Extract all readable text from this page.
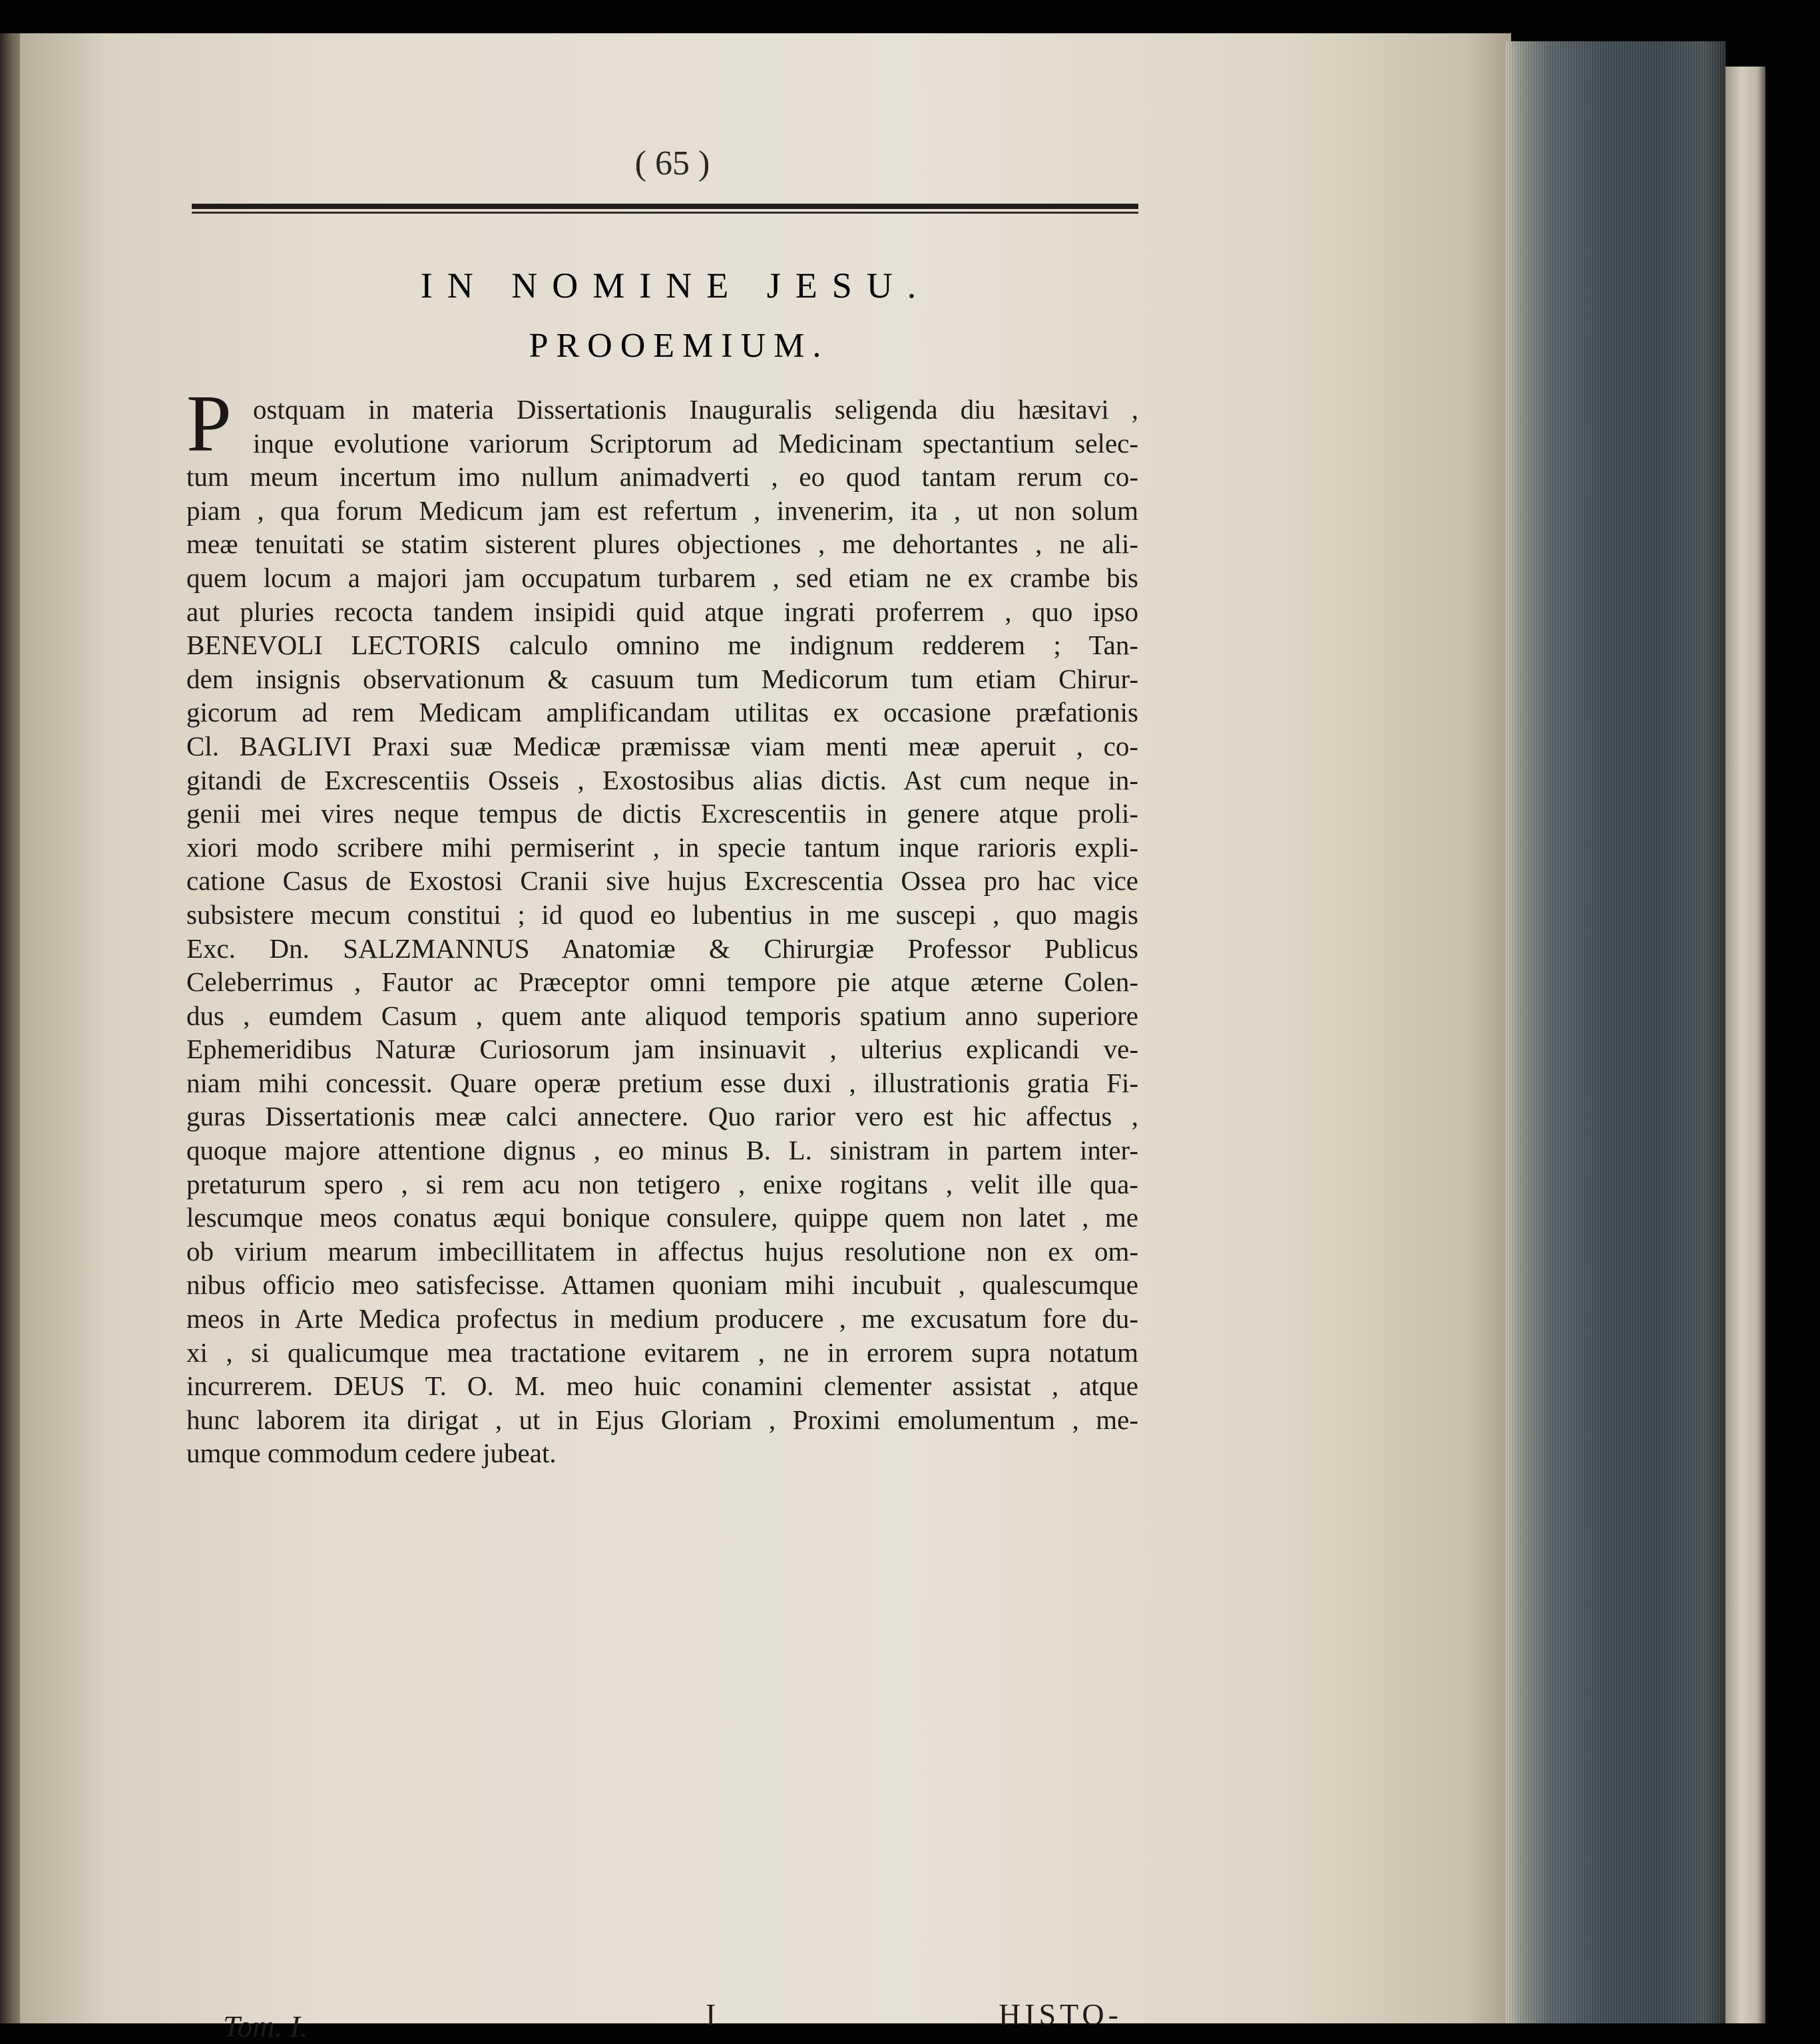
( 65 )
IN NOMINE JESU.
PROOEMIUM.
P ostquam in materia Dissertationis Inauguralis seligenda diu hæsitavi ,
inque evolutione variorum Scriptorum ad Medicinam spectantium selec-
tum meum incertum imo nullum animadverti , eo quod tantam rerum co-
piam , qua forum Medicum jam est refertum , invenerim, ita , ut non solum
meæ tenuitati se statim sisterent plures objectiones , me dehortantes , ne ali-
quem locum a majori jam occupatum turbarem , sed etiam ne ex crambe bis
aut pluries recocta tandem insipidi quid atque ingrati proferrem , quo ipso
BENEVOLI LECTORIS calculo omnino me indignum redderem ; Tan-
dem insignis observationum & casuum tum Medicorum tum etiam Chirur-
gicorum ad rem Medicam amplificandam utilitas ex occasione præfationis
Cl. BAGLIVI Praxi suæ Medicæ præmissæ viam menti meæ aperuit , co-
gitandi de Excrescentiis Osseis , Exostosibus alias dictis. Ast cum neque in-
genii mei vires neque tempus de dictis Excrescentiis in genere atque proli-
xiori modo scribere mihi permiserint , in specie tantum inque rarioris expli-
catione Casus de Exostosi Cranii sive hujus Excrescentia Ossea pro hac vice
subsistere mecum constitui ; id quod eo lubentius in me suscepi , quo magis
Exc. Dn. SALZMANNUS Anatomiæ & Chirurgiæ Professor Publicus
Celeberrimus , Fautor ac Præceptor omni tempore pie atque æterne Colen-
dus , eumdem Casum , quem ante aliquod temporis spatium anno superiore
Ephemeridibus Naturæ Curiosorum jam insinuavit , ulterius explicandi ve-
niam mihi concessit. Quare operæ pretium esse duxi , illustrationis gratia Fi-
guras Dissertationis meæ calci annectere. Quo rarior vero est hic affectus ,
quoque majore attentione dignus , eo minus B. L. sinistram in partem inter-
pretaturum spero , si rem acu non tetigero , enixe rogitans , velit ille qua-
lescumque meos conatus æqui bonique consulere, quippe quem non latet , me
ob virium mearum imbecillitatem in affectus hujus resolutione non ex om-
nibus officio meo satisfecisse. Attamen quoniam mihi incubuit , qualescumque
meos in Arte Medica profectus in medium producere , me excusatum fore du-
xi , si qualicumque mea tractatione evitarem , ne in errorem supra notatum
incurrerem. DEUS T. O. M. meo huic conamini clementer assistat , atque
hunc laborem ita dirigat , ut in Ejus Gloriam , Proximi emolumentum , me-
umque commodum cedere jubeat.
Tom. I.	I	HISTO-
